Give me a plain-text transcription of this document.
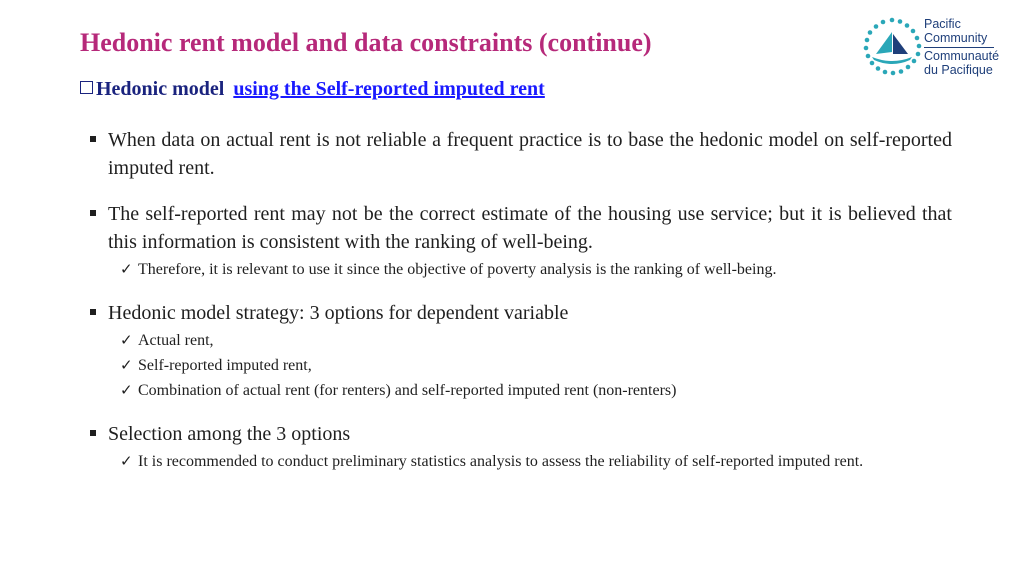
Hedonic rent model and data constraints (continue)
Hedonic model using the Self-reported imputed rent
Pacific
Community
Communauté
du Pacifique
When data on actual rent is not reliable a frequent practice is to base the hedonic model on self-reported imputed rent.
The self-reported rent may not be the correct estimate of the housing use service; but it is believed that this information is consistent with the ranking of well-being.
✓ Therefore, it is relevant to use it since the objective of poverty analysis is the ranking of well-being.
Hedonic model strategy: 3 options for dependent variable
✓ Actual rent,
✓ Self-reported imputed rent,
✓ Combination of actual rent (for renters) and self-reported imputed rent (non-renters)
Selection among the 3 options
✓ It is recommended to conduct preliminary statistics analysis to assess the reliability of self-reported imputed rent.
